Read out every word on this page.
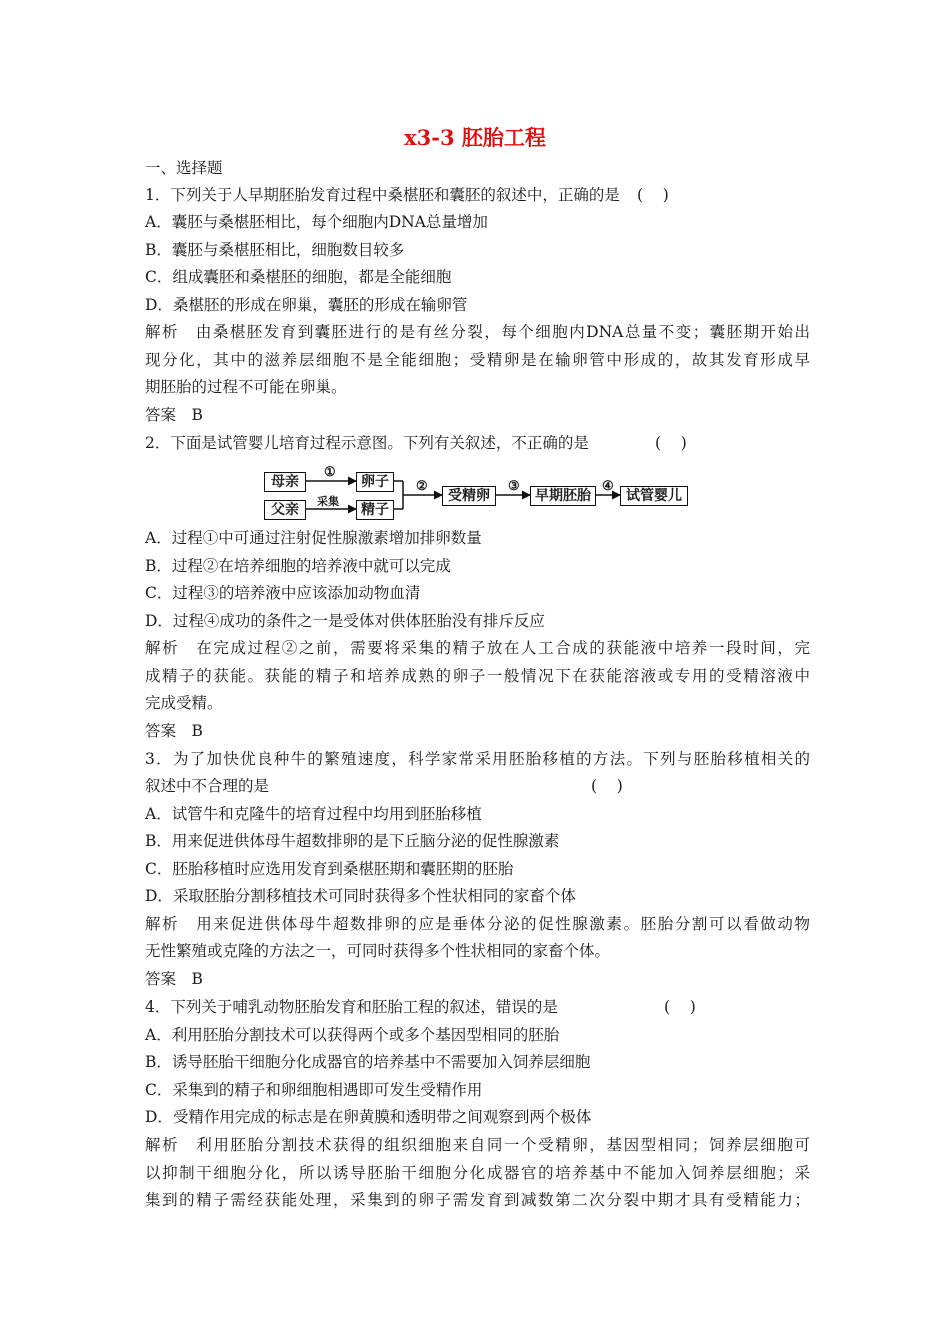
x3-3 胚胎工程
一、选择题
1．下列关于人早期胚胎发育过程中桑椹胚和囊胚的叙述中，正确的是	(    )
A．囊胚与桑椹胚相比，每个细胞内DNA总量增加
B．囊胚与桑椹胚相比，细胞数目较多
C．组成囊胚和桑椹胚的细胞，都是全能细胞
D．桑椹胚的形成在卵巢，囊胚的形成在输卵管
解析　由桑椹胚发育到囊胚进行的是有丝分裂，每个细胞内DNA总量不变；囊胚期开始出
现分化，其中的滋养层细胞不是全能细胞；受精卵是在输卵管中形成的，故其发育形成早
期胚胎的过程不可能在卵巢。
答案　B
2．下面是试管婴儿培育过程示意图。下列有关叙述，不正确的是	(    )
母亲
父亲
卵子
精子
受精卵	早期胚胎	试管婴儿
①
采集
②	③	④
A．过程①中可通过注射促性腺激素增加排卵数量
B．过程②在培养细胞的培养液中就可以完成
C．过程③的培养液中应该添加动物血清
D．过程④成功的条件之一是受体对供体胚胎没有排斥反应
解析　在完成过程②之前，需要将采集的精子放在人工合成的获能液中培养一段时间，完
成精子的获能。获能的精子和培养成熟的卵子一般情况下在获能溶液或专用的受精溶液中
完成受精。
答案　B
3．为了加快优良种牛的繁殖速度，科学家常采用胚胎移植的方法。下列与胚胎移植相关的
叙述中不合理的是	(    )
A．试管牛和克隆牛的培育过程中均用到胚胎移植
B．用来促进供体母牛超数排卵的是下丘脑分泌的促性腺激素
C．胚胎移植时应选用发育到桑椹胚期和囊胚期的胚胎
D．采取胚胎分割移植技术可同时获得多个性状相同的家畜个体
解析　用来促进供体母牛超数排卵的应是垂体分泌的促性腺激素。胚胎分割可以看做动物
无性繁殖或克隆的方法之一，可同时获得多个性状相同的家畜个体。
答案　B
4．下列关于哺乳动物胚胎发育和胚胎工程的叙述，错误的是	(    )
A．利用胚胎分割技术可以获得两个或多个基因型相同的胚胎
B．诱导胚胎干细胞分化成器官的培养基中不需要加入饲养层细胞
C．采集到的精子和卵细胞相遇即可发生受精作用
D．受精作用完成的标志是在卵黄膜和透明带之间观察到两个极体
解析　利用胚胎分割技术获得的组织细胞来自同一个受精卵，基因型相同；饲养层细胞可
以抑制干细胞分化，所以诱导胚胎干细胞分化成器官的培养基中不能加入饲养层细胞；采
集到的精子需经获能处理，采集到的卵子需发育到减数第二次分裂中期才具有受精能力；
